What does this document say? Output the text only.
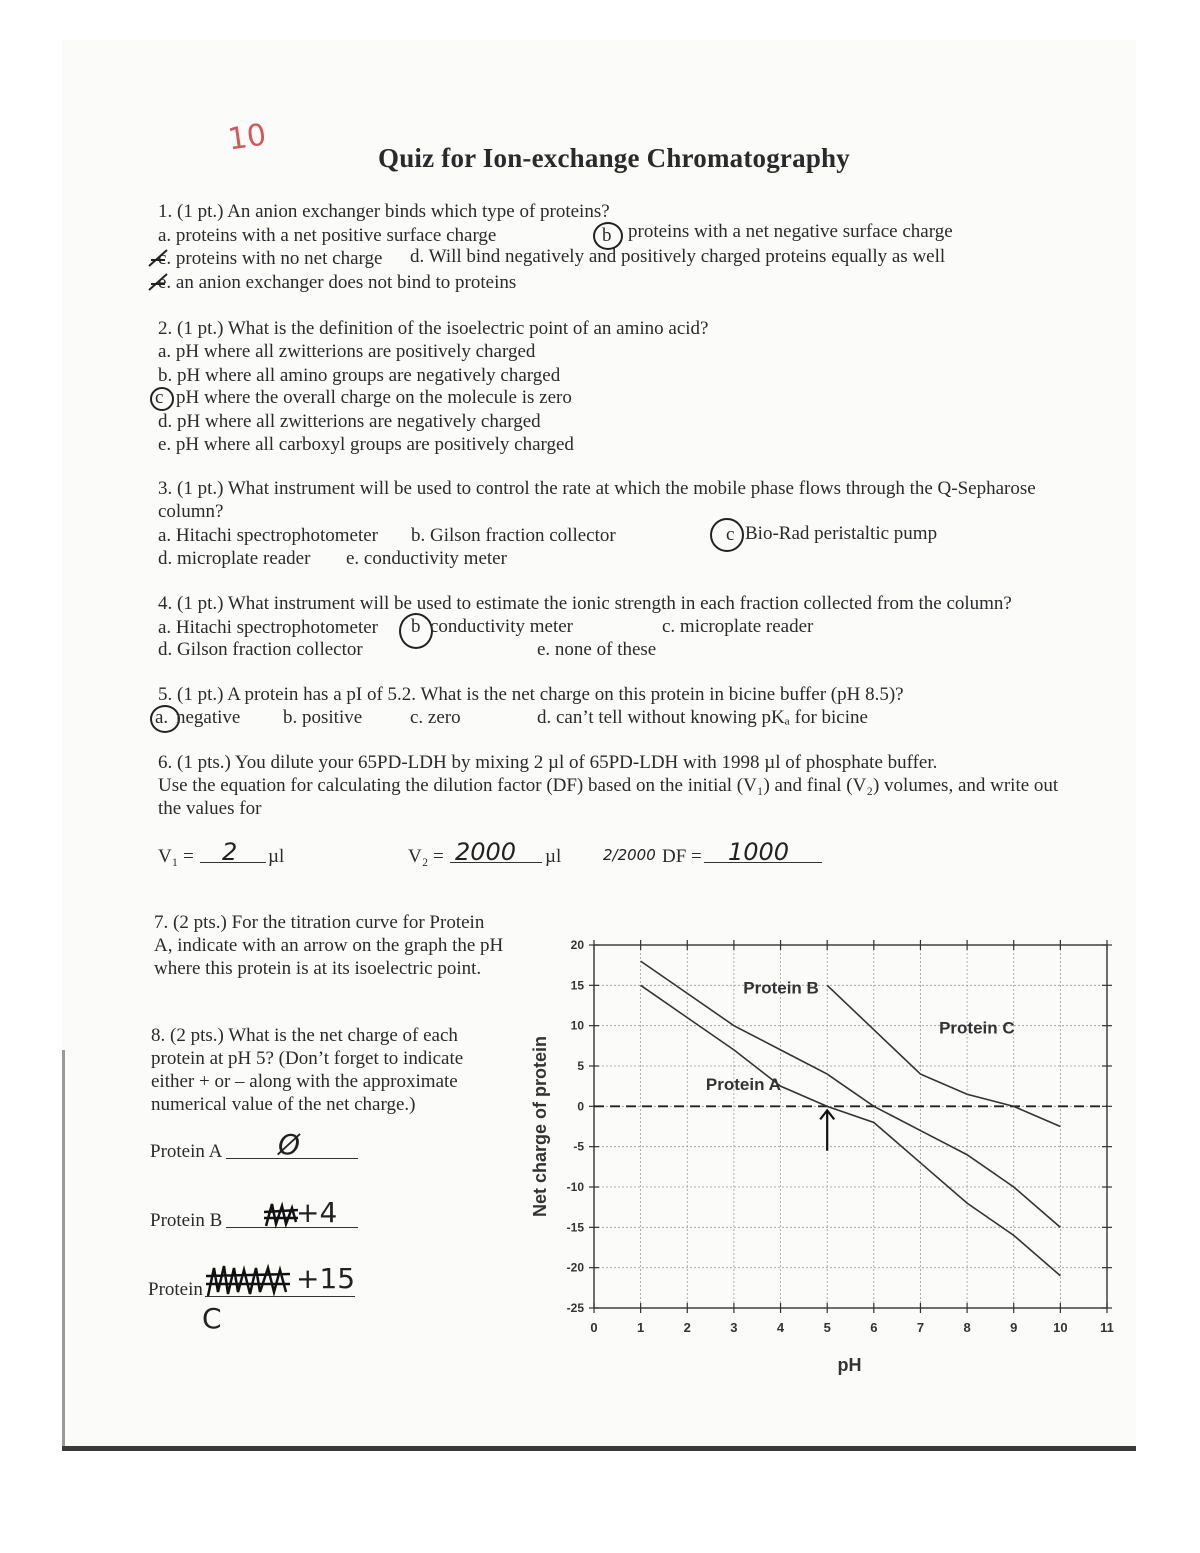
10
Quiz for Ion-exchange Chromatography
1. (1 pt.) An anion exchanger binds which type of proteins?
a. proteins with a net positive surface charge	b proteins with a net negative surface charge
c. proteins with no net charge d. Will bind negatively and positively charged proteins equally as well
e. an anion exchanger does not bind to proteins
2. (1 pt.) What is the definition of the isoelectric point of an amino acid?
a. pH where all zwitterions are positively charged
b. pH where all amino groups are negatively charged
c pH where the overall charge on the molecule is zero
d. pH where all zwitterions are negatively charged
e. pH where all carboxyl groups are positively charged
3. (1 pt.) What instrument will be used to control the rate at which the mobile phase flows through the Q-Sepharose
column?
a. Hitachi spectrophotometer b. Gilson fraction collector	c Bio-Rad peristaltic pump
d. microplate reader e. conductivity meter
4. (1 pt.) What instrument will be used to estimate the ionic strength in each fraction collected from the column?
a. Hitachi spectrophotometer b conductivity meter	c. microplate reader
d. Gilson fraction collector	e. none of these
5. (1 pt.) A protein has a pI of 5.2. What is the net charge on this protein in bicine buffer (pH 8.5)?
a. negative b. positive	c. zero	d. can’t tell without knowing pKₐ for bicine
6. (1 pts.) You dilute your 65PD-LDH by mixing 2 µl of 65PD-LDH with 1998 µl of phosphate buffer.
Use the equation for calculating the dilution factor (DF) based on the initial (V₁) and final (V₂) volumes, and write out
the values for
V₁ = 2 µl	V₂ = 2000 µl	2/2000 DF = 1000
7. (2 pts.) For the titration curve for Protein
A, indicate with an arrow on the graph the pH
where this protein is at its isoelectric point.
8. (2 pts.) What is the net charge of each
protein at pH 5? (Don’t forget to indicate
either + or – along with the approximate
numerical value of the net charge.)
Protein A Ø
Protein B	+4
Protein	+15
C	0	1	2	3	4	5	6	7	8	9	10	11
20
15
10
5
0
-5
-10
-15
-20
-25
Protein B
Protein A
Protein C
pH
Net charge of protein
